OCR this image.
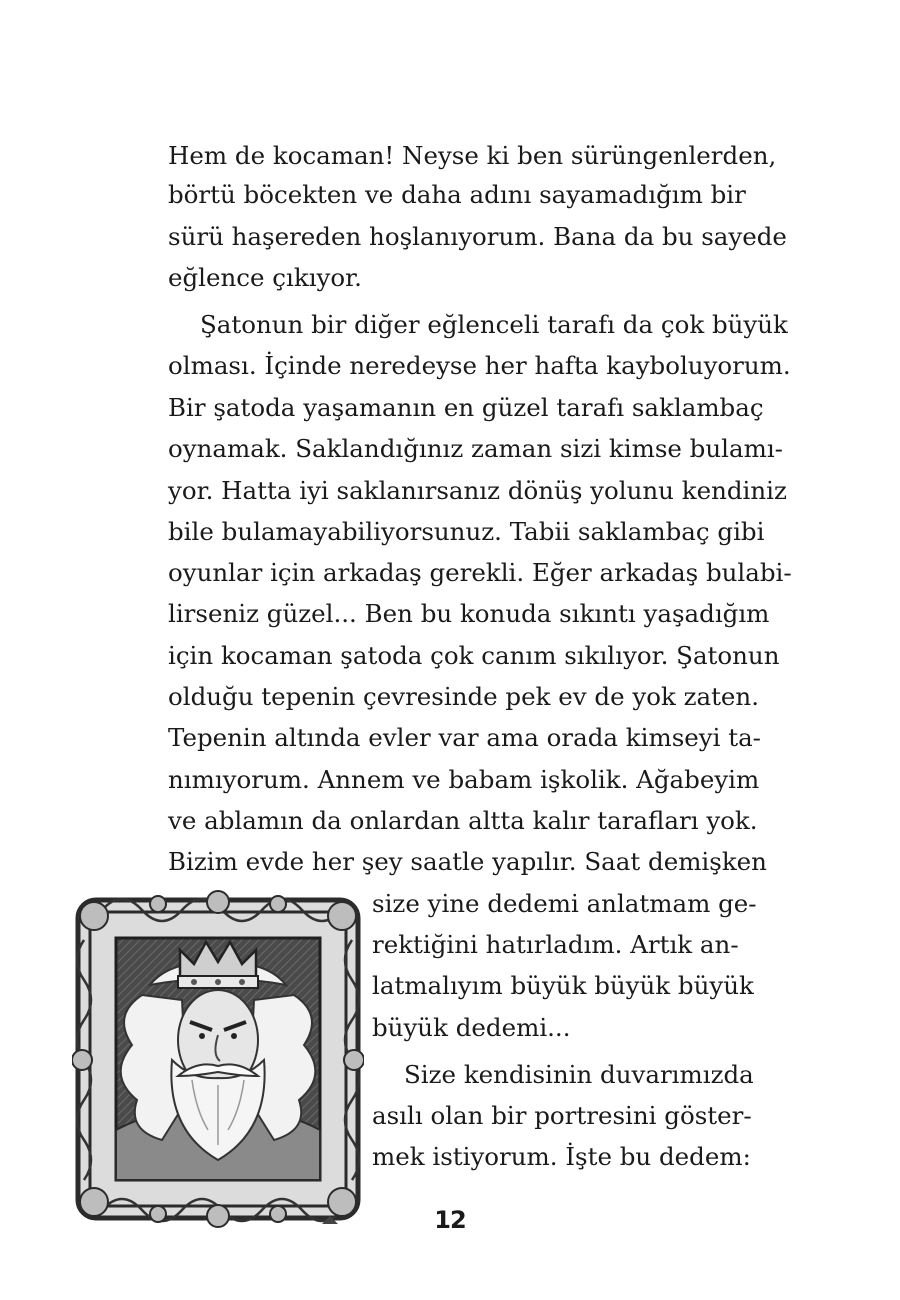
Hem de kocaman! Neyse ki ben sürüngenlerden,
börtü böcekten ve daha adını sayamadığım bir
sürü haşereden hoşlanıyorum. Bana da bu sayede
eğlence çıkıyor.
Şatonun bir diğer eğlenceli tarafı da çok büyük
olması. İçinde neredeyse her hafta kayboluyorum.
Bir şatoda yaşamanın en güzel tarafı saklambaç
oynamak. Saklandığınız zaman sizi kimse bulamı-
yor. Hatta iyi saklanırsanız dönüş yolunu kendiniz
bile bulamayabiliyorsunuz. Tabii saklambaç gibi
oyunlar için arkadaş gerekli. Eğer arkadaş bulabi-
lirseniz güzel... Ben bu konuda sıkıntı yaşadığım
için kocaman şatoda çok canım sıkılıyor. Şatonun
olduğu tepenin çevresinde pek ev de yok zaten.
Tepenin altında evler var ama orada kimseyi ta-
nımıyorum. Annem ve babam işkolik. Ağabeyim
ve ablamın da onlardan altta kalır tarafları yok.
Bizim evde her şey saatle yapılır. Saat demişken
size yine dedemi anlatmam ge-
rektiğini hatırladım. Artık an-
latmalıyım büyük büyük büyük
büyük dedemi...
Size kendisinin duvarımızda
asılı olan bir portresini göster-
mek istiyorum. İşte bu dedem:
12
